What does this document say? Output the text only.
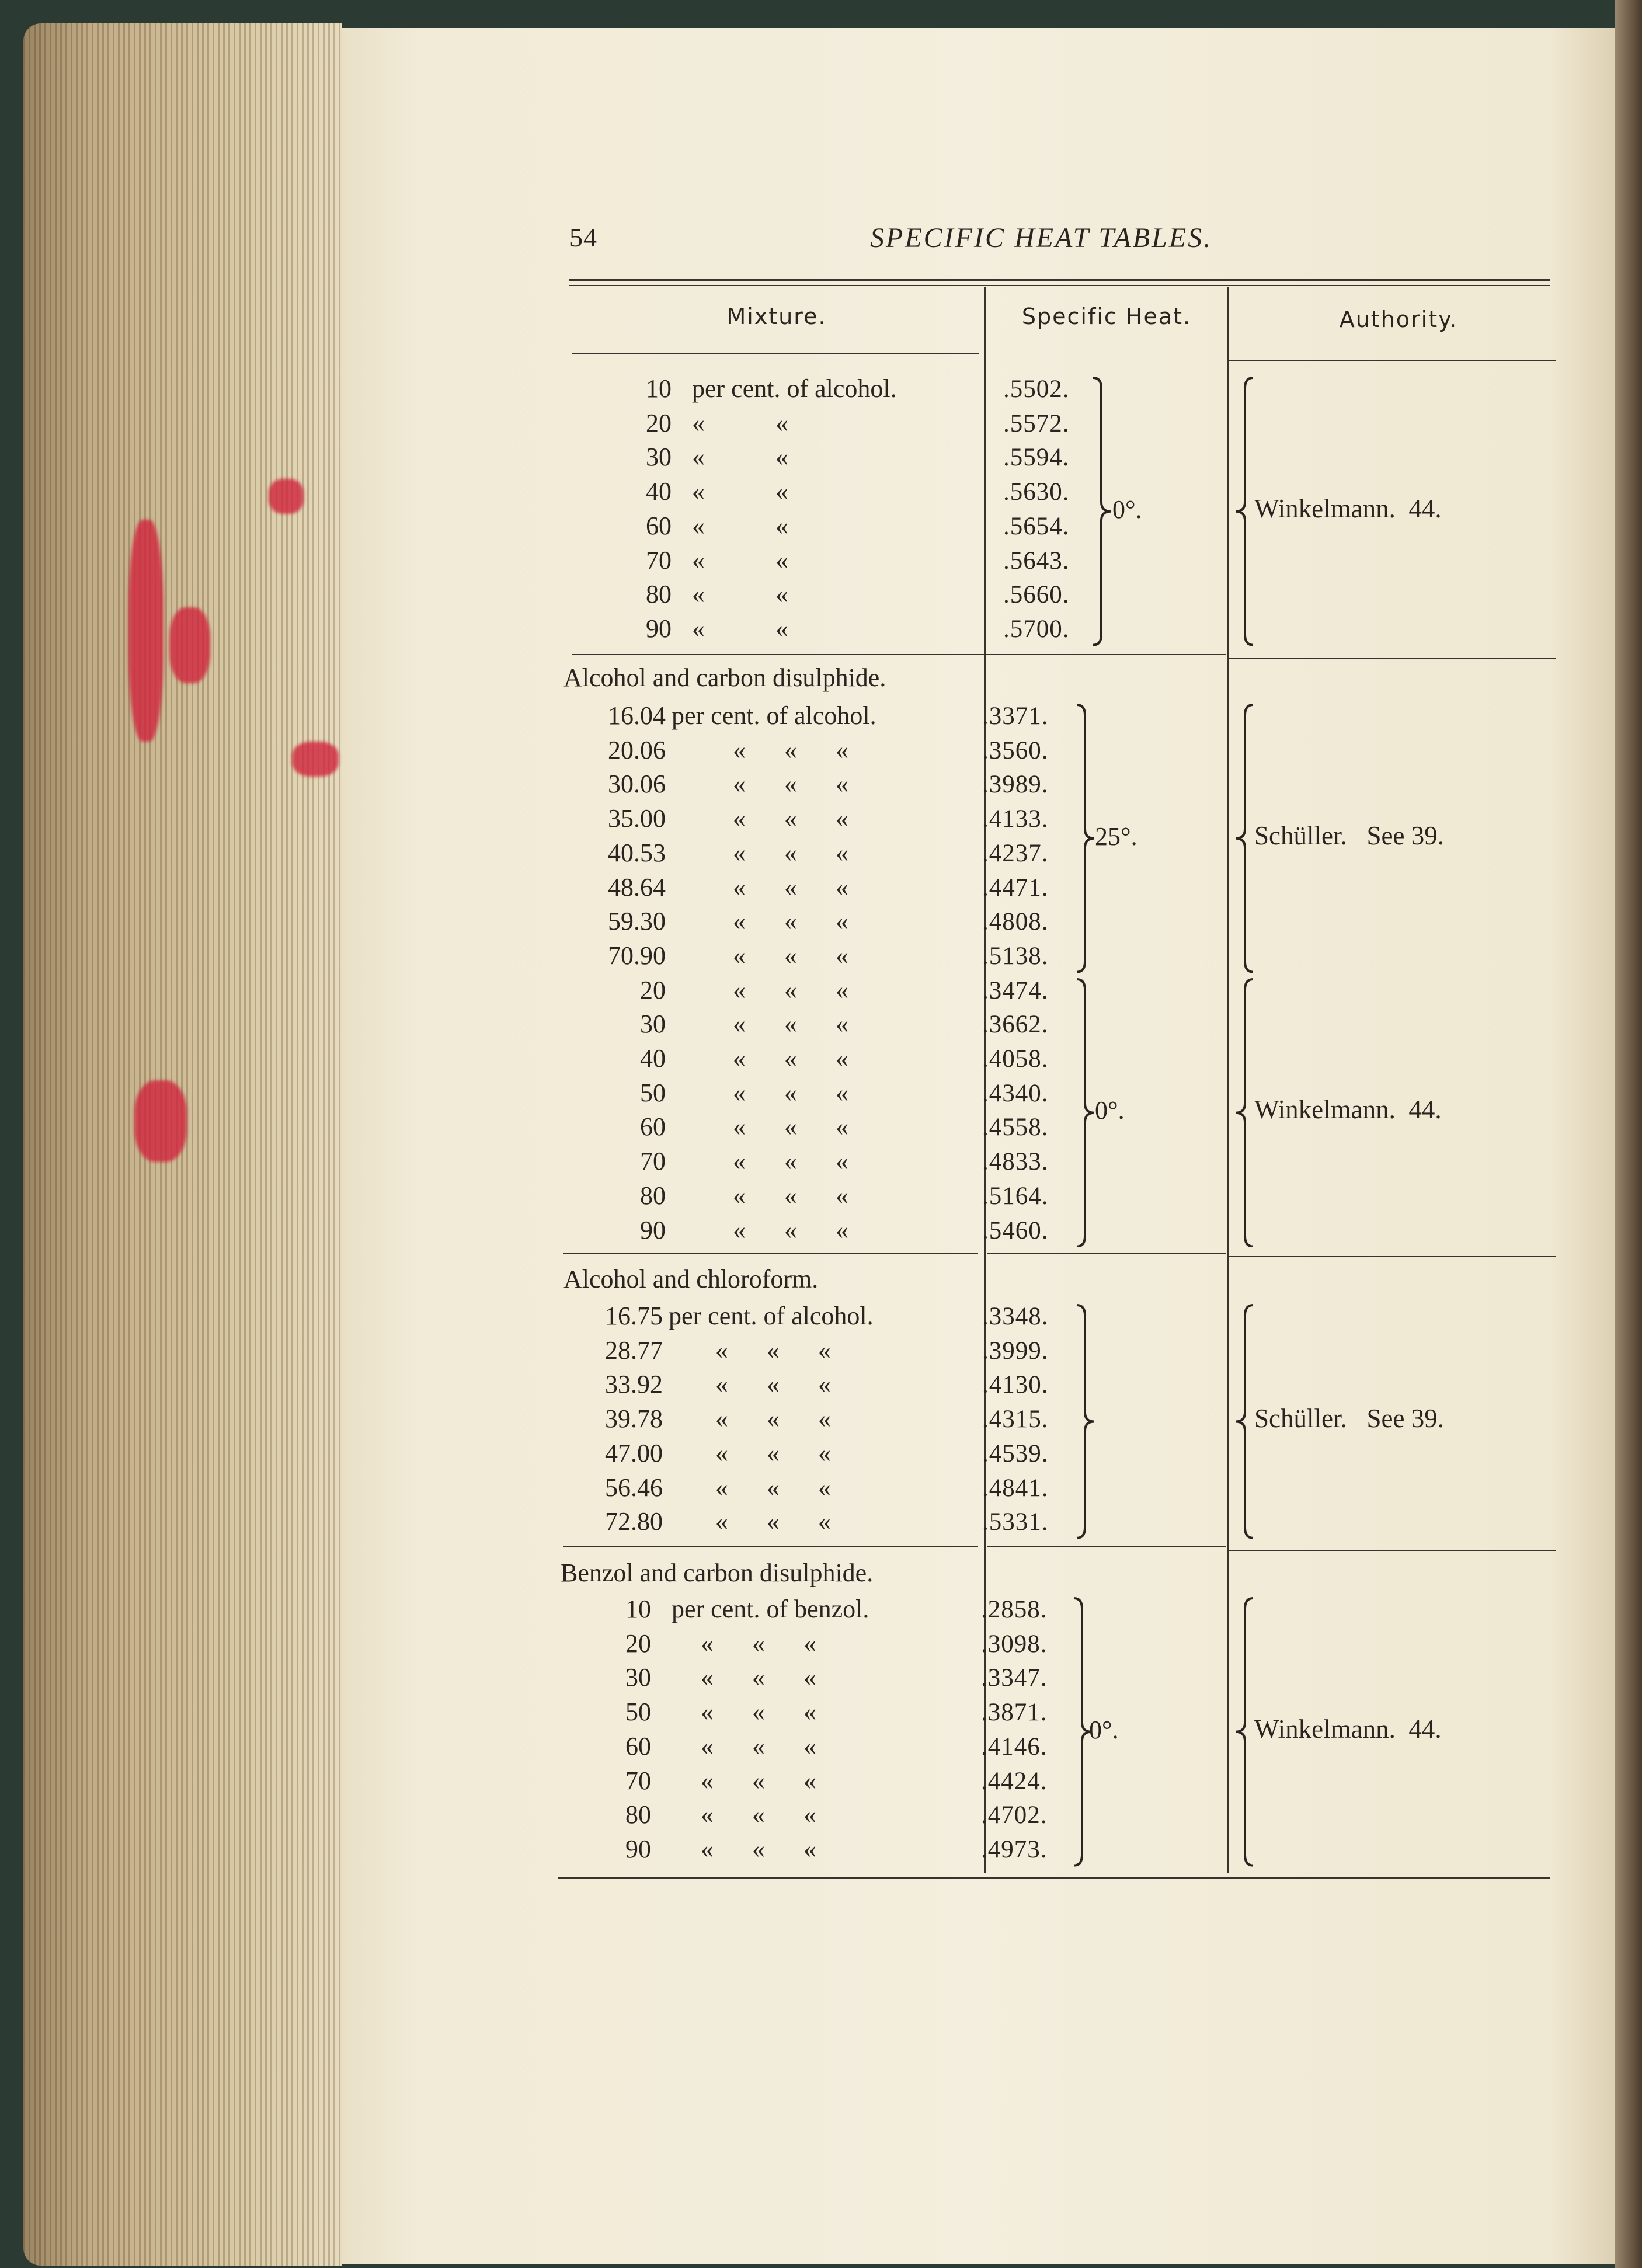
54	SPECIFIC HEAT TABLES.
Mixture.	Specific Heat.	Authority.
10 per cent. of alcohol.	.5502.
20 «           «	.5572.
30 «           «	.5594.
40 «           «	.5630.
60 «           «	.5654.
70 «           «	.5643.
80 «           «	.5660.
90 «           «	.5700.
0°.	Winkelmann.  44.
Alcohol and carbon disulphide.
16.04 per cent. of alcohol.	.3371.
20.06	«      «      «	.3560.
30.06	«      «      «	.3989.
35.00	«      «      «	.4133.
40.53	«      «      «	.4237.
48.64	«      «      «	.4471.
59.30	«      «      «	.4808.
70.90	«      «      «	.5138.
25°.	Schüller.   See 39.
20	«      «      «	.3474.
30	«      «      «	.3662.
40	«      «      «	.4058.
50	«      «      «	.4340.
60	«      «      «	.4558.
70	«      «      «	.4833.
80	«      «      «	.5164.
90	«      «      «	.5460.
0°.	Winkelmann.  44.
Alcohol and chloroform.
16.75 per cent. of alcohol.	.3348.
28.77 «      «      «	.3999.
33.92 «      «      «	.4130.
39.78 «      «      «	.4315.
47.00 «      «      «	.4539.
56.46 «      «      «	.4841.
72.80 «      «      «	.5331.
Schüller.   See 39.
Benzol and carbon disulphide.
10 per cent. of benzol.	.2858.
20 «      «      «	.3098.
30 «      «      «	.3347.
50 «      «      «	.3871.
60 «      «      «	.4146.
70 «      «      «	.4424.
80 «      «      «	.4702.
90 «      «      «	.4973.
0°.	Winkelmann.  44.
